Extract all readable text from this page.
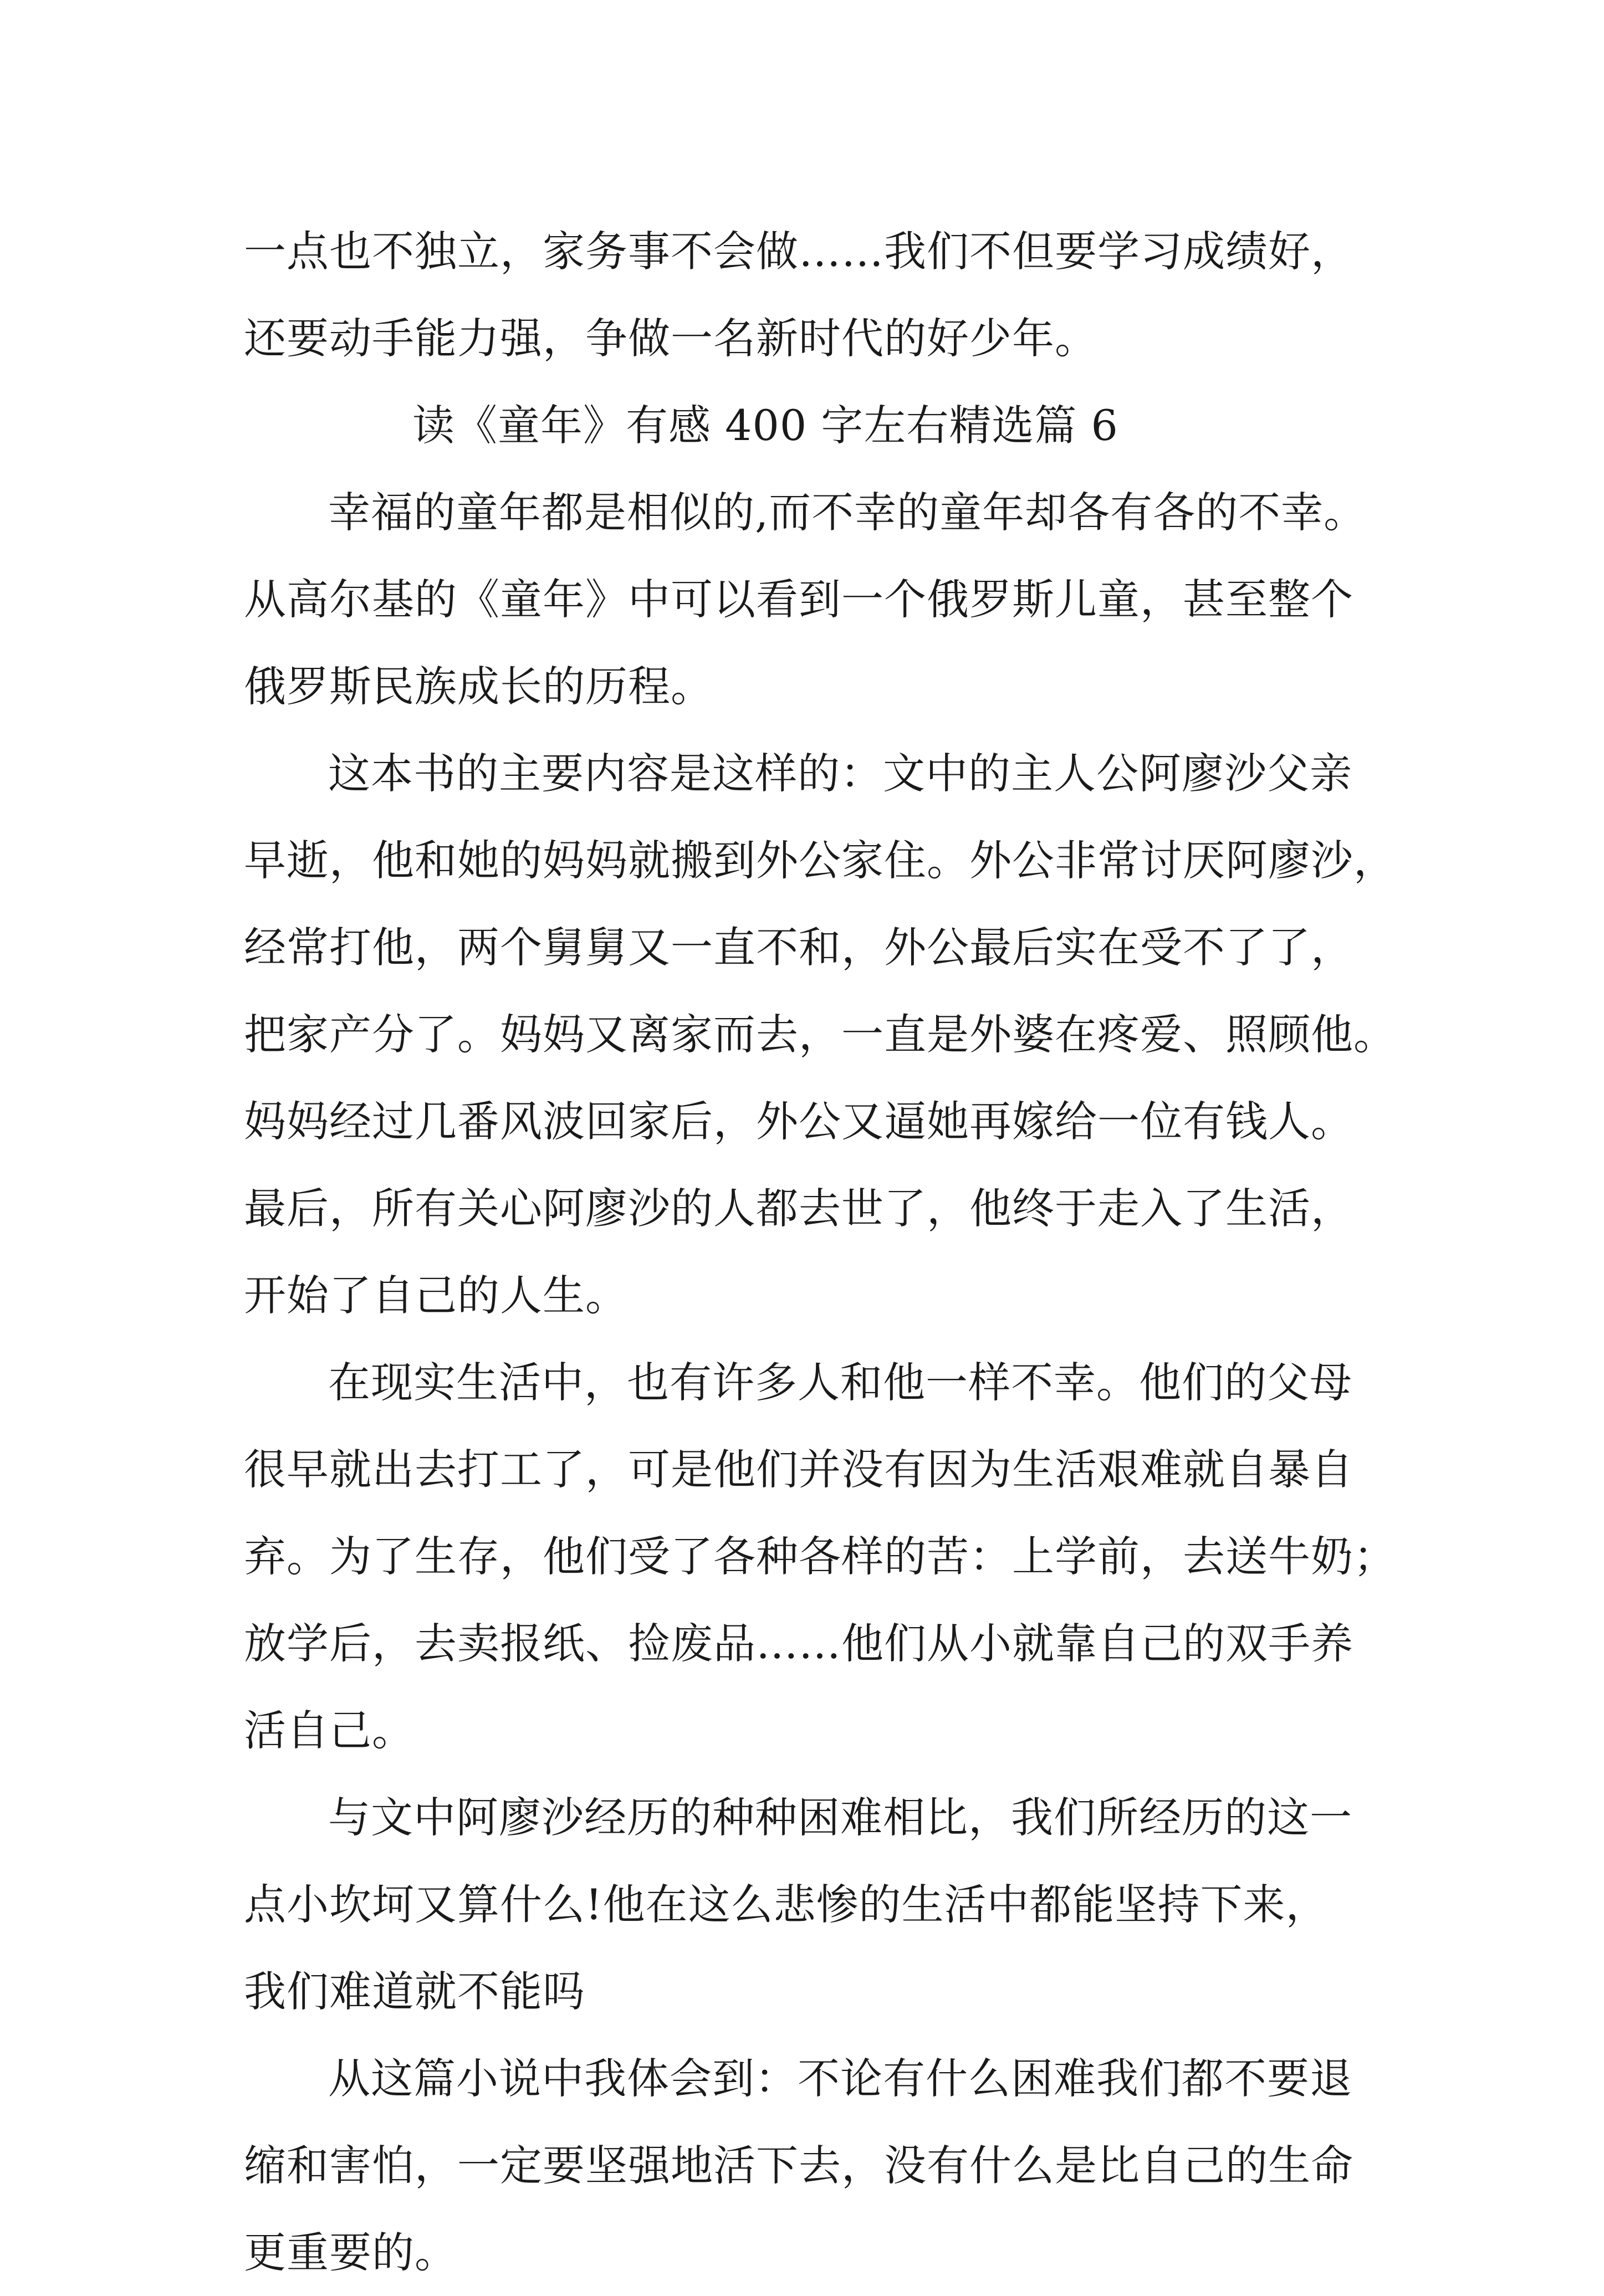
一点也不独立，家务事不会做……我们不但要学习成绩好，
还要动手能力强，争做一名新时代的好少年。
读《童年》有感 400 字左右精选篇 6
幸福的童年都是相似的,而不幸的童年却各有各的不幸。
从高尔基的《童年》中可以看到一个俄罗斯儿童，甚至整个
俄罗斯民族成长的历程。
这本书的主要内容是这样的：文中的主人公阿廖沙父亲
早逝，他和她的妈妈就搬到外公家住。外公非常讨厌阿廖沙，
经常打他，两个舅舅又一直不和，外公最后实在受不了了，
把家产分了。妈妈又离家而去，一直是外婆在疼爱、照顾他。
妈妈经过几番风波回家后，外公又逼她再嫁给一位有钱人。
最后，所有关心阿廖沙的人都去世了，他终于走入了生活，
开始了自己的人生。
在现实生活中，也有许多人和他一样不幸。他们的父母
很早就出去打工了，可是他们并没有因为生活艰难就自暴自
弃。为了生存，他们受了各种各样的苦：上学前，去送牛奶；
放学后，去卖报纸、捡废品……他们从小就靠自己的双手养
活自己。
与文中阿廖沙经历的种种困难相比，我们所经历的这一
点小坎坷又算什么!他在这么悲惨的生活中都能坚持下来，
我们难道就不能吗
从这篇小说中我体会到：不论有什么困难我们都不要退
缩和害怕，一定要坚强地活下去，没有什么是比自己的生命
更重要的。
